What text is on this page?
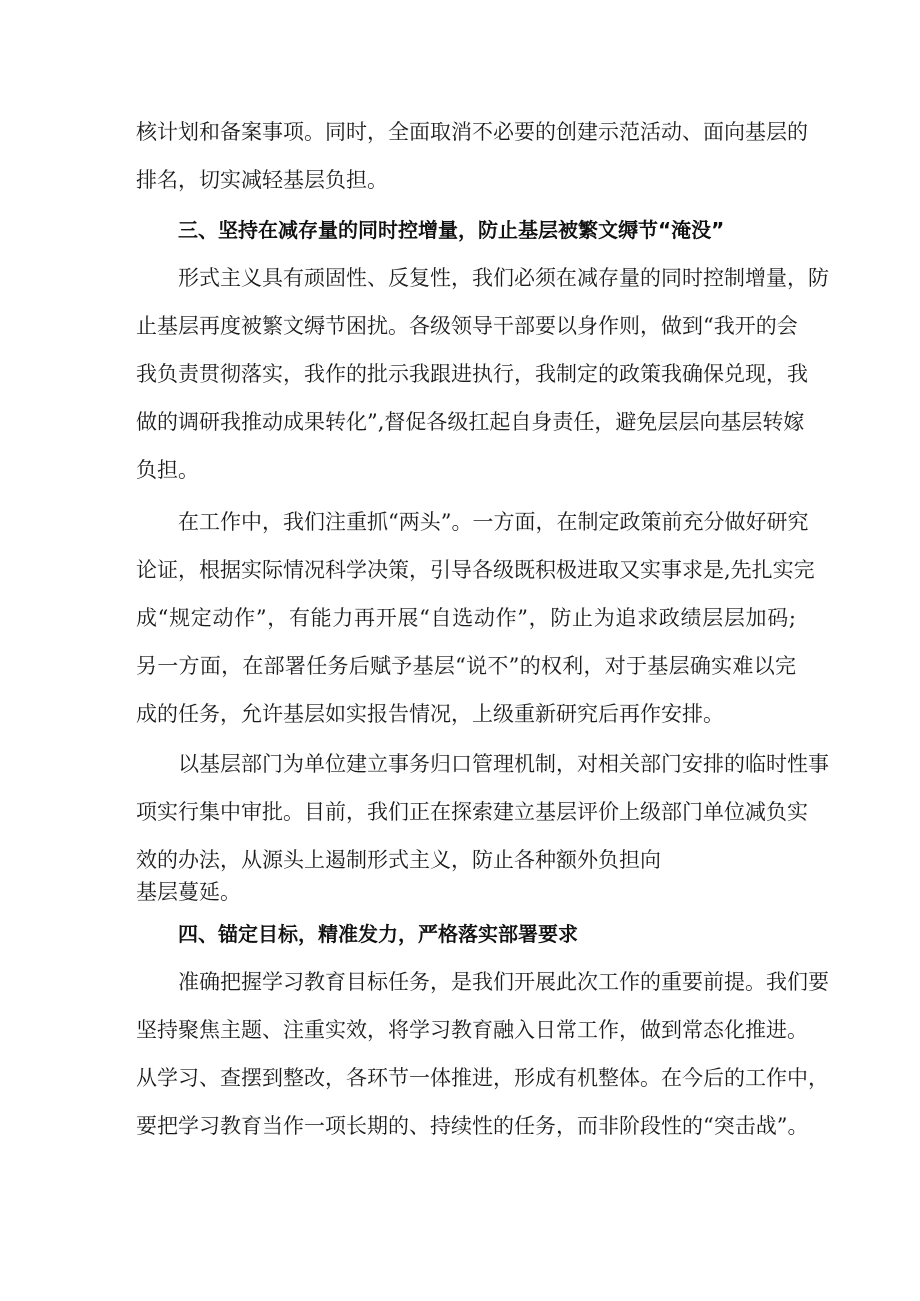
核计划和备案事项。同时，全面取消不必要的创建示范活动、面向基层的
排名，切实减轻基层负担。
三、坚持在减存量的同时控增量，防止基层被繁文缛节“淹没”
形式主义具有顽固性、反复性，我们必须在减存量的同时控制增量，防
止基层再度被繁文缛节困扰。各级领导干部要以身作则，做到“我开的会
我负责贯彻落实，我作的批示我跟进执行，我制定的政策我确保兑现，我
做的调研我推动成果转化”,督促各级扛起自身责任，避免层层向基层转嫁
负担。
在工作中，我们注重抓“两头”。一方面，在制定政策前充分做好研究
论证，根据实际情况科学决策，引导各级既积极进取又实事求是,先扎实完
成“规定动作”，有能力再开展“自选动作”，防止为追求政绩层层加码;
另一方面，在部署任务后赋予基层“说不”的权利，对于基层确实难以完
成的任务，允许基层如实报告情况，上级重新研究后再作安排。
以基层部门为单位建立事务归口管理机制，对相关部门安排的临时性事
项实行集中审批。目前，我们正在探索建立基层评价上级部门单位减负实
效的办法，从源头上遏制形式主义，防止各种额外负担向
基层蔓延。
四、锚定目标，精准发力，严格落实部署要求
准确把握学习教育目标任务，是我们开展此次工作的重要前提。我们要
坚持聚焦主题、注重实效，将学习教育融入日常工作，做到常态化推进。
从学习、查摆到整改，各环节一体推进，形成有机整体。在今后的工作中，
要把学习教育当作一项长期的、持续性的任务，而非阶段性的“突击战”。
